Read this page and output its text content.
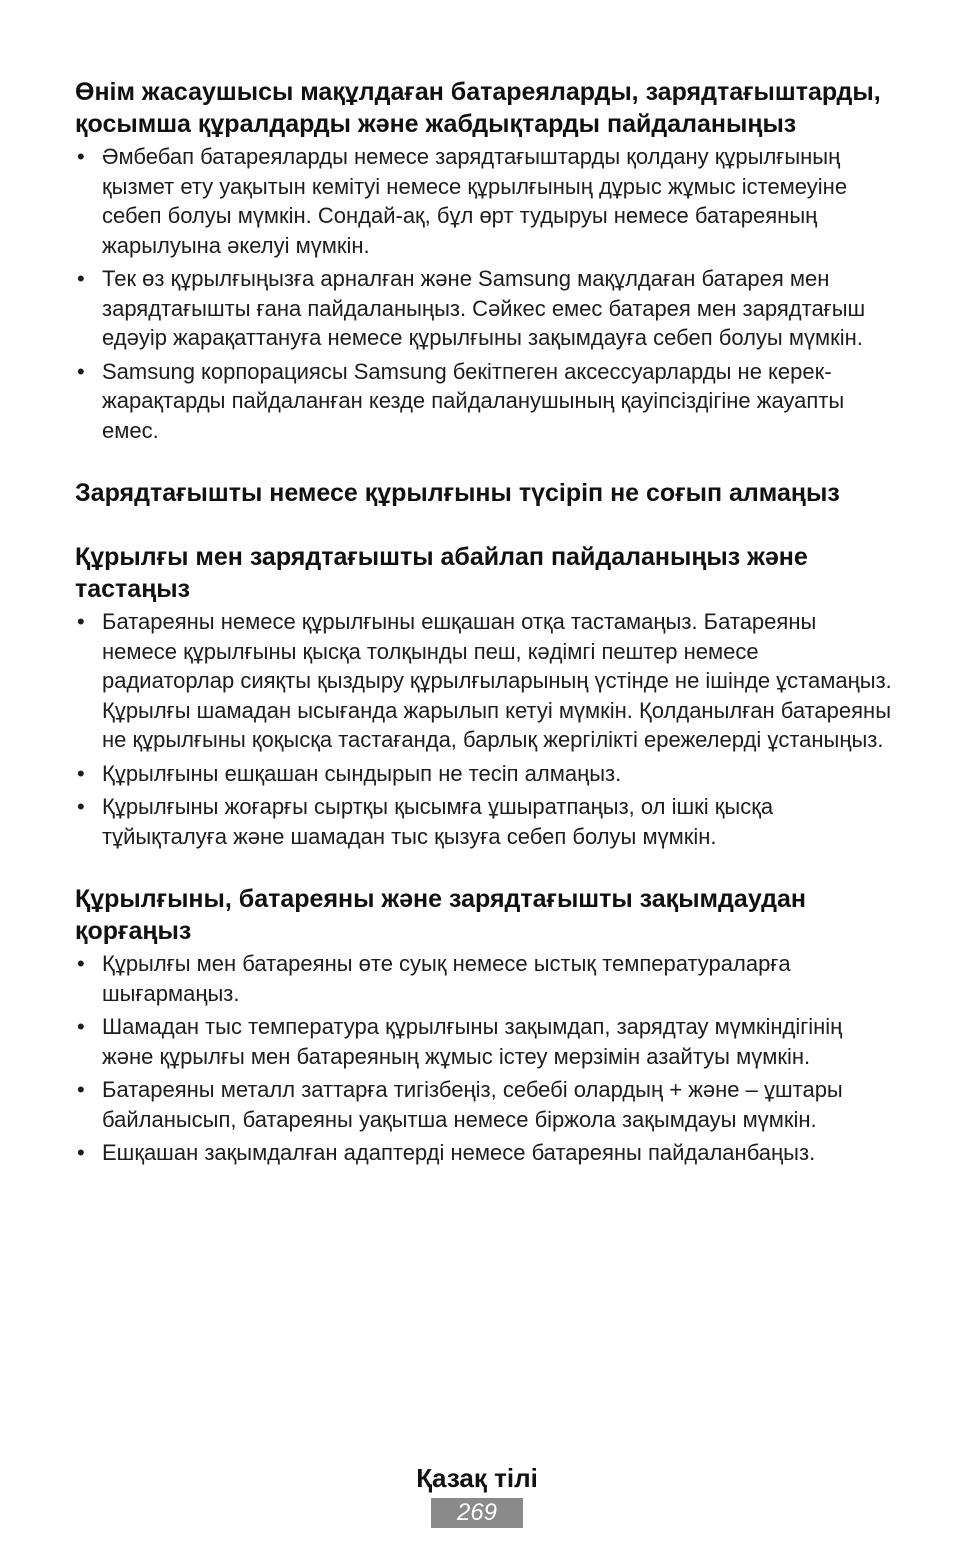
Өнім жасаушысы мақұлдаған батареяларды, зарядтағыштарды, қосымша құралдарды және жабдықтарды пайдаланыңыз
• Әмбебап батареяларды немесе зарядтағыштарды қолдану құрылғының қызмет ету уақытын кемітуі немесе құрылғының дұрыс жұмыс істемеуіне себеп болуы мүмкін. Сондай-ақ, бұл өрт тудыруы немесе батареяның жарылуына әкелуі мүмкін.
• Тек өз құрылғыңызға арналған және Samsung мақұлдаған батарея мен зарядтағышты ғана пайдаланыңыз. Сәйкес емес батарея мен зарядтағыш едәуір жарақаттануға немесе құрылғыны зақымдауға себеп болуы мүмкін.
• Samsung корпорациясы Samsung бекітпеген аксессуарларды не керек-жарақтарды пайдаланған кезде пайдаланушының қауіпсіздігіне жауапты емес.
Зарядтағышты немесе құрылғыны түсіріп не соғып алмаңыз
Құрылғы мен зарядтағышты абайлап пайдаланыңыз және тастаңыз
• Батареяны немесе құрылғыны ешқашан отқа тастамаңыз. Батареяны немесе құрылғыны қысқа толқынды пеш, кәдімгі пештер немесе радиаторлар сияқты қыздыру құрылғыларының үстінде не ішінде ұстамаңыз. Құрылғы шамадан ысығанда жарылып кетуі мүмкін. Қолданылған батареяны не құрылғыны қоқысқа тастағанда, барлық жергілікті ережелерді ұстаныңыз.
• Құрылғыны ешқашан сындырып не тесіп алмаңыз.
• Құрылғыны жоғарғы сыртқы қысымға ұшыратпаңыз, ол ішкі қысқа тұйықталуға және шамадан тыс қызуға себеп болуы мүмкін.
Құрылғыны, батареяны және зарядтағышты зақымдаудан қорғаңыз
• Құрылғы мен батареяны өте суық немесе ыстық температураларға шығармаңыз.
• Шамадан тыс температура құрылғыны зақымдап, зарядтау мүмкіндігінің және құрылғы мен батареяның жұмыс істеу мерзімін азайтуы мүмкін.
• Батареяны металл заттарға тигізбеңіз, себебі олардың + және – ұштары байланысып, батареяны уақытша немесе біржола зақымдауы мүмкін.
• Ешқашан зақымдалған адаптерді немесе батареяны пайдаланбаңыз.
Қазақ тілі
269
